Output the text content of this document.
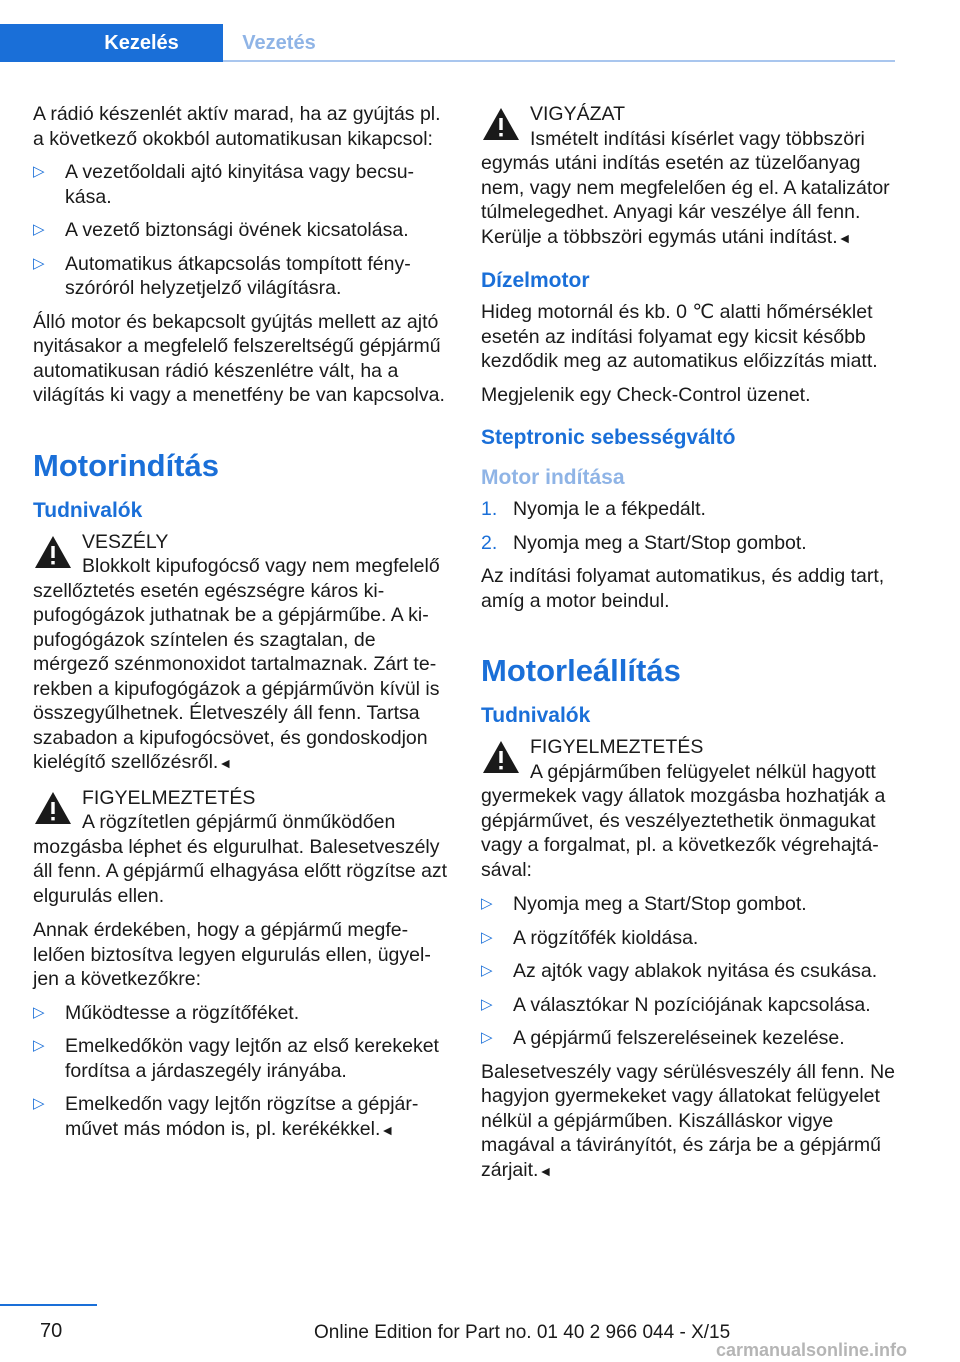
Kezelés	Vezetés

A rádió készenlét aktív marad, ha az gyújtás pl. a következő okokból automatikusan kikapcsol:

▷ A vezetőoldali ajtó kinyitása vagy becsukása.
▷ A vezető biztonsági övének kicsatolása.
▷ Automatikus átkapcsolás tompított fényszóróról helyzetjelző világításra.

Álló motor és bekapcsolt gyújtás mellett az ajtó nyitásakor a megfelelő felszereltségű gépjármű automatikusan rádió készenlétre vált, ha a világítás ki vagy a menetfény be van kapcsolva.

Motorindítás
Tudnivalók
VESZÉLY
Blokkolt kipufogócső vagy nem megfelelő szellőztetés esetén egészségre káros kipufogógázok juthatnak be a gépjárműbe. A kipufogógázok színtelen és szagtalan, de mérgező szénmonoxidot tartalmaznak. Zárt terekben a kipufogógázok a gépjárművön kívül is összegyűlhetnek. Életveszély áll fenn. Tartsa szabadon a kipufogócsövet, és gondoskodjon kielégítő szellőzésről.◄
FIGYELMEZTETÉS
A rögzítetlen gépjármű önműködően mozgásba léphet és elgurulhat. Balesetveszély áll fenn. A gépjármű elhagyása előtt rögzítse azt elgurulás ellen.

Annak érdekében, hogy a gépjármű megfelelően biztosítva legyen elgurulás ellen, ügyeljen a következőkre:

▷ Működtesse a rögzítőféket.
▷ Emelkedőkön vagy lejtőn az első kerekeket fordítsa a járdaszegély irányába.
▷ Emelkedőn vagy lejtőn rögzítse a gépjárművet más módon is, pl. kerékékkel.◄
VIGYÁZAT
Ismételt indítási kísérlet vagy többszöri egymás utáni indítás esetén az tüzelőanyag nem, vagy nem megfelelően ég el. A katalizátor túlmelegedhet. Anyagi kár veszélye áll fenn. Kerülje a többszöri egymás utáni indítást.◄
Dízelmotor

Hideg motornál és kb. 0 ℃ alatti hőmérséklet esetén az indítási folyamat egy kicsit később kezdődik meg az automatikus előizzítás miatt.

Megjelenik egy Check-Control üzenet.

Steptronic sebességváltó
Motor indítása
1. Nyomja le a fékpedált.
2. Nyomja meg a Start/Stop gombot.

Az indítási folyamat automatikus, és addig tart, amíg a motor beindul.

Motorleállítás
Tudnivalók
FIGYELMEZTETÉS
A gépjárműben felügyelet nélkül hagyott gyermekek vagy állatok mozgásba hozhatják a gépjárművet, és veszélyeztethetik önmagukat vagy a forgalmat, pl. a következők végrehajtásával:
▷ Nyomja meg a Start/Stop gombot.
▷ A rögzítőfék kioldása.
▷ Az ajtók vagy ablakok nyitása és csukása.
▷ A választókar N pozíciójának kapcsolása.
▷ A gépjármű felszereléseinek kezelése.

Balesetveszély vagy sérülésveszély áll fenn. Ne hagyjon gyermekeket vagy állatokat felügyelet nélkül a gépjárműben. Kiszálláskor vigye magával a távirányítót, és zárja be a gépjármű zárjait.◄

70	Online Edition for Part no. 01 40 2 966 044 - X/15
carmanualsonline.info
